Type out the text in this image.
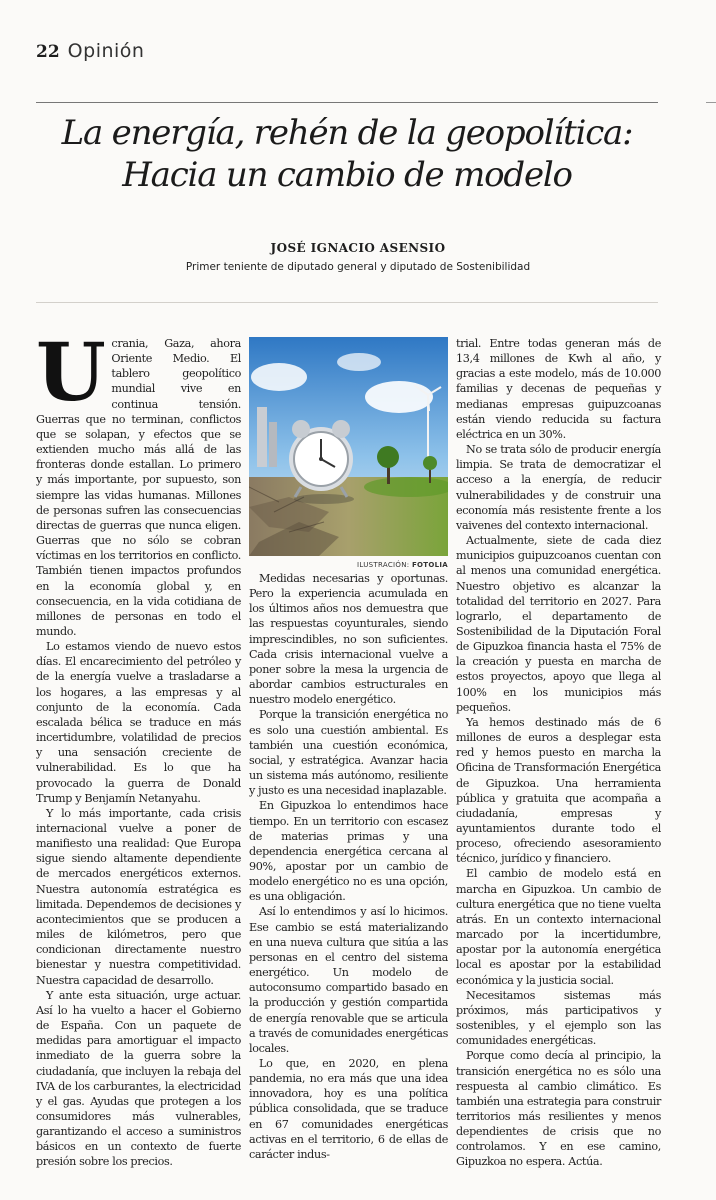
22 Opinión
La energía, rehén de la geopolítica:
Hacia un cambio de modelo
JOSÉ IGNACIO ASENSIO
Primer teniente de diputado general y diputado de Sostenibilidad

Ucrania, Gaza, ahora Oriente Medio. El tablero geopolítico mundial vive en continua tensión. Guerras que no terminan, conflictos que se solapan, y efectos que se extienden mucho más allá de las fronteras donde estallan. Lo primero y más importante, por supuesto, son siempre las vidas humanas. Millones de personas sufren las consecuencias directas de guerras que nunca eligen. Guerras que no sólo se cobran víctimas en los territorios en conflicto. También tienen impactos profundos en la economía global y, en consecuencia, en la vida cotidiana de millones de personas en todo el mundo.

Lo estamos viendo de nuevo estos días. El encarecimiento del petróleo y de la energía vuelve a trasladarse a los hogares, a las empresas y al conjunto de la economía. Cada escalada bélica se traduce en más incertidumbre, volatilidad de precios y una sensación creciente de vulnerabilidad. Es lo que ha provocado la guerra de Donald Trump y Benjamín Netanyahu.

Y lo más importante, cada crisis internacional vuelve a poner de manifiesto una realidad: Que Europa sigue siendo altamente dependiente de mercados energéticos externos. Nuestra autonomía estratégica es limitada. Dependemos de decisiones y acontecimientos que se producen a miles de kilómetros, pero que condicionan directamente nuestro bienestar y nuestra competitividad. Nuestra capacidad de desarrollo.

Y ante esta situación, urge actuar. Así lo ha vuelto a hacer el Gobierno de España. Con un paquete de medidas para amortiguar el impacto inmediato de la guerra sobre la ciudadanía, que incluyen la rebaja del IVA de los carburantes, la electricidad y el gas. Ayudas que protegen a los consumidores más vulnerables, garantizando el acceso a suministros básicos en un contexto de fuerte presión sobre los precios.

ILUSTRACIÓN: FOTOLIA

Medidas necesarias y oportunas. Pero la experiencia acumulada en los últimos años nos demuestra que las respuestas coyunturales, siendo imprescindibles, no son suficientes. Cada crisis internacional vuelve a poner sobre la mesa la urgencia de abordar cambios estructurales en nuestro modelo energético.

Porque la transición energética no es solo una cuestión ambiental. Es también una cuestión económica, social, y estratégica. Avanzar hacia un sistema más autónomo, resiliente y justo es una necesidad inaplazable.

En Gipuzkoa lo entendimos hace tiempo. En un territorio con escasez de materias primas y una dependencia energética cercana al 90%, apostar por un cambio de modelo energético no es una opción, es una obligación.

Así lo entendimos y así lo hicimos. Ese cambio se está materializando en una nueva cultura que sitúa a las personas en el centro del sistema energético. Un modelo de autoconsumo compartido basado en la producción y gestión compartida de energía renovable que se articula a través de comunidades energéticas locales.

Lo que, en 2020, en plena pandemia, no era más que una idea innovadora, hoy es una política pública consolidada, que se traduce en 67 comunidades energéticas activas en el territorio, 6 de ellas de carácter indus-

trial. Entre todas generan más de 13,4 millones de Kwh al año, y gracias a este modelo, más de 10.000 familias y decenas de pequeñas y medianas empresas guipuzcoanas están viendo reducida su factura eléctrica en un 30%.

No se trata sólo de producir energía limpia. Se trata de democratizar el acceso a la energía, de reducir vulnerabilidades y de construir una economía más resistente frente a los vaivenes del contexto internacional.

Actualmente, siete de cada diez municipios guipuzcoanos cuentan con al menos una comunidad energética. Nuestro objetivo es alcanzar la totalidad del territorio en 2027. Para lograrlo, el departamento de Sostenibilidad de la Diputación Foral de Gipuzkoa financia hasta el 75% de la creación y puesta en marcha de estos proyectos, apoyo que llega al 100% en los municipios más pequeños.

Ya hemos destinado más de 6 millones de euros a desplegar esta red y hemos puesto en marcha la Oficina de Transformación Energética de Gipuzkoa. Una herramienta pública y gratuita que acompaña a ciudadanía, empresas y ayuntamientos durante todo el proceso, ofreciendo asesoramiento técnico, jurídico y financiero.

El cambio de modelo está en marcha en Gipuzkoa. Un cambio de cultura energética que no tiene vuelta atrás. En un contexto internacional marcado por la incertidumbre, apostar por la autonomía energética local es apostar por la estabilidad económica y la justicia social.

Necesitamos sistemas más próximos, más participativos y sostenibles, y el ejemplo son las comunidades energéticas.

Porque como decía al principio, la transición energética no es sólo una respuesta al cambio climático. Es también una estrategia para construir territorios más resilientes y menos dependientes de crisis que no controlamos. Y en ese camino, Gipuzkoa no espera. Actúa.
